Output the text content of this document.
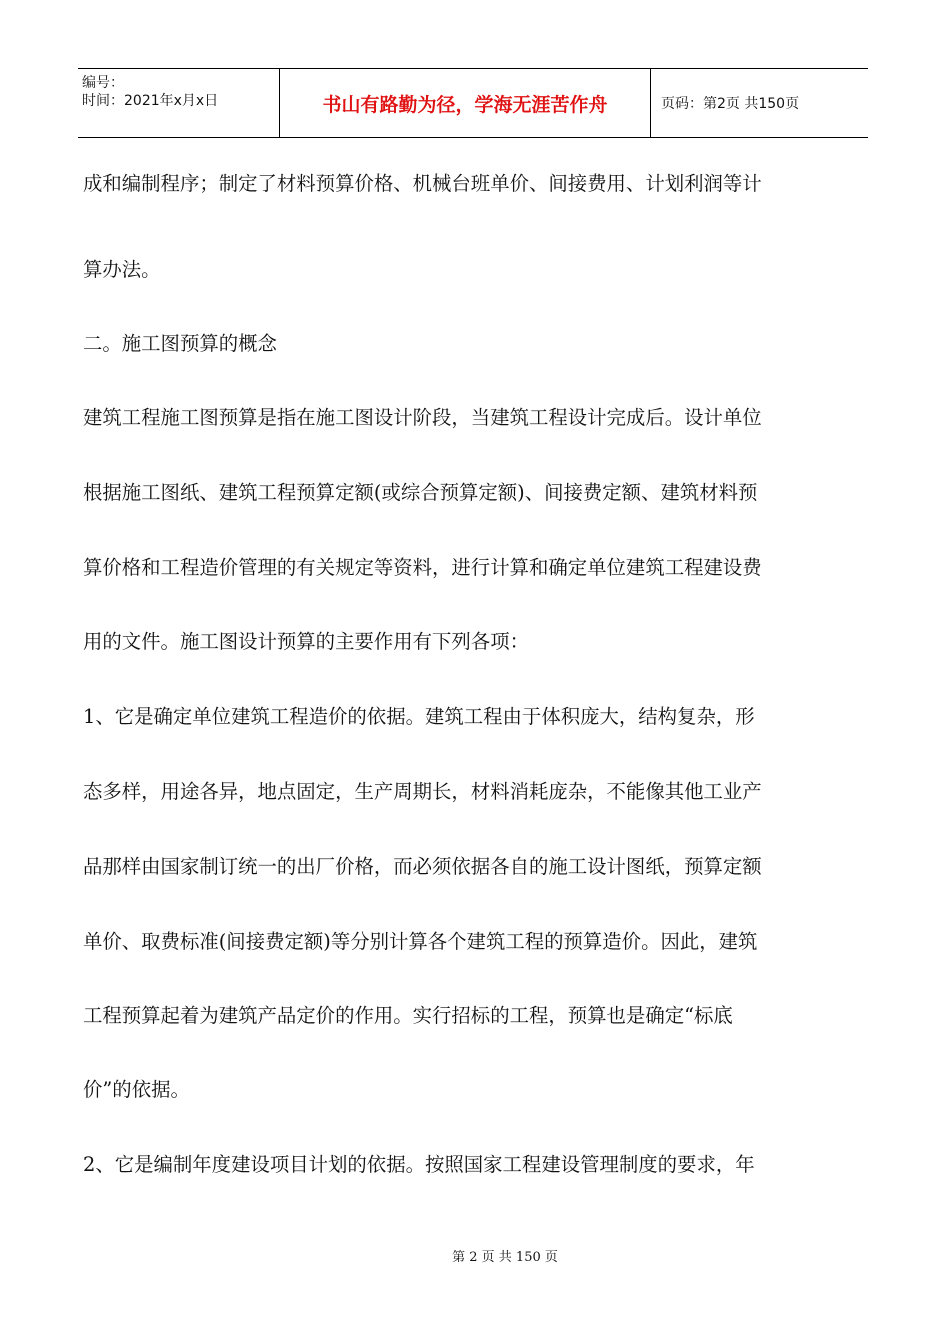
编号：
时间：2021年x月x日	书山有路勤为径，学海无涯苦作舟	页码：第2页 共150页
成和编制程序；制定了材料预算价格、机械台班单价、间接费用、计划利润等计
算办法。
二。施工图预算的概念
建筑工程施工图预算是指在施工图设计阶段，当建筑工程设计完成后。设计单位
根据施工图纸、建筑工程预算定额(或综合预算定额)、间接费定额、建筑材料预
算价格和工程造价管理的有关规定等资料，进行计算和确定单位建筑工程建设费
用的文件。施工图设计预算的主要作用有下列各项：
1、它是确定单位建筑工程造价的依据。建筑工程由于体积庞大，结构复杂，形
态多样，用途各异，地点固定，生产周期长，材料消耗庞杂，不能像其他工业产
品那样由国家制订统一的出厂价格，而必须依据各自的施工设计图纸，预算定额
单价、取费标准(间接费定额)等分别计算各个建筑工程的预算造价。因此，建筑
工程预算起着为建筑产品定价的作用。实行招标的工程，预算也是确定“标底
价”的依据。
2、它是编制年度建设项目计划的依据。按照国家工程建设管理制度的要求，年
第 2 页 共 150 页
